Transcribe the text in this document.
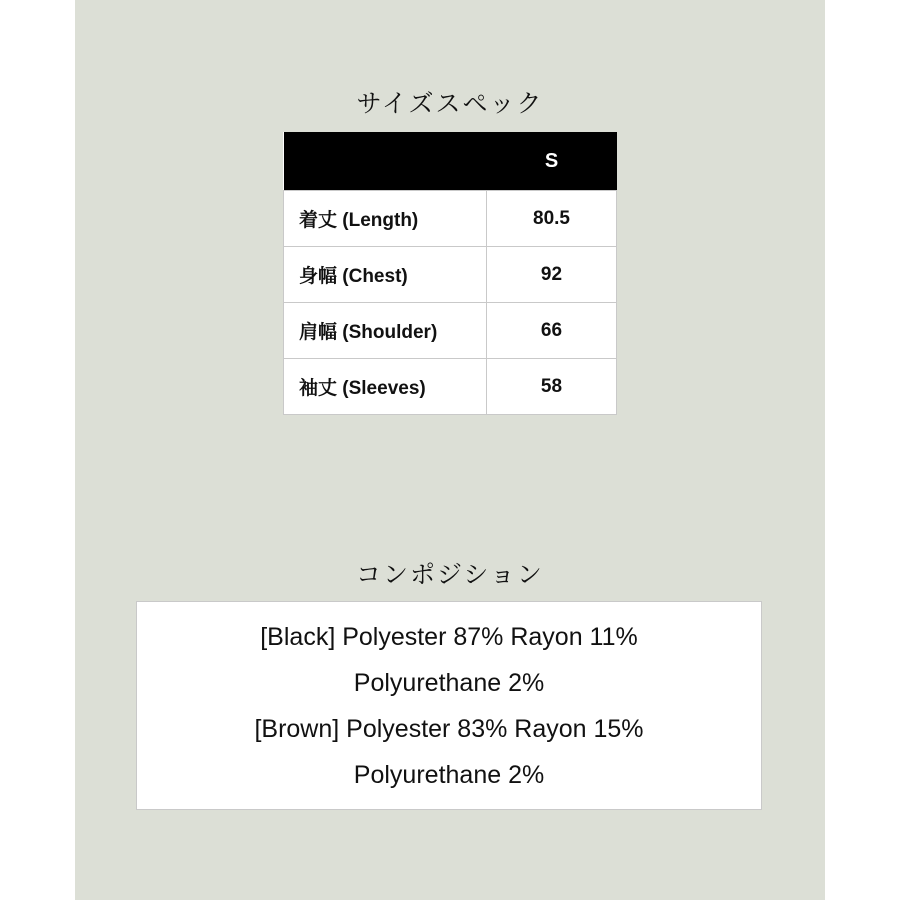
サイズスペック
	S
着丈 (Length)	80.5
身幅 (Chest)	92
肩幅 (Shoulder)	66
袖丈 (Sleeves)	58
コンポジション
[Black] Polyester 87% Rayon 11%
Polyurethane 2%
[Brown] Polyester 83% Rayon 15%
Polyurethane 2%
